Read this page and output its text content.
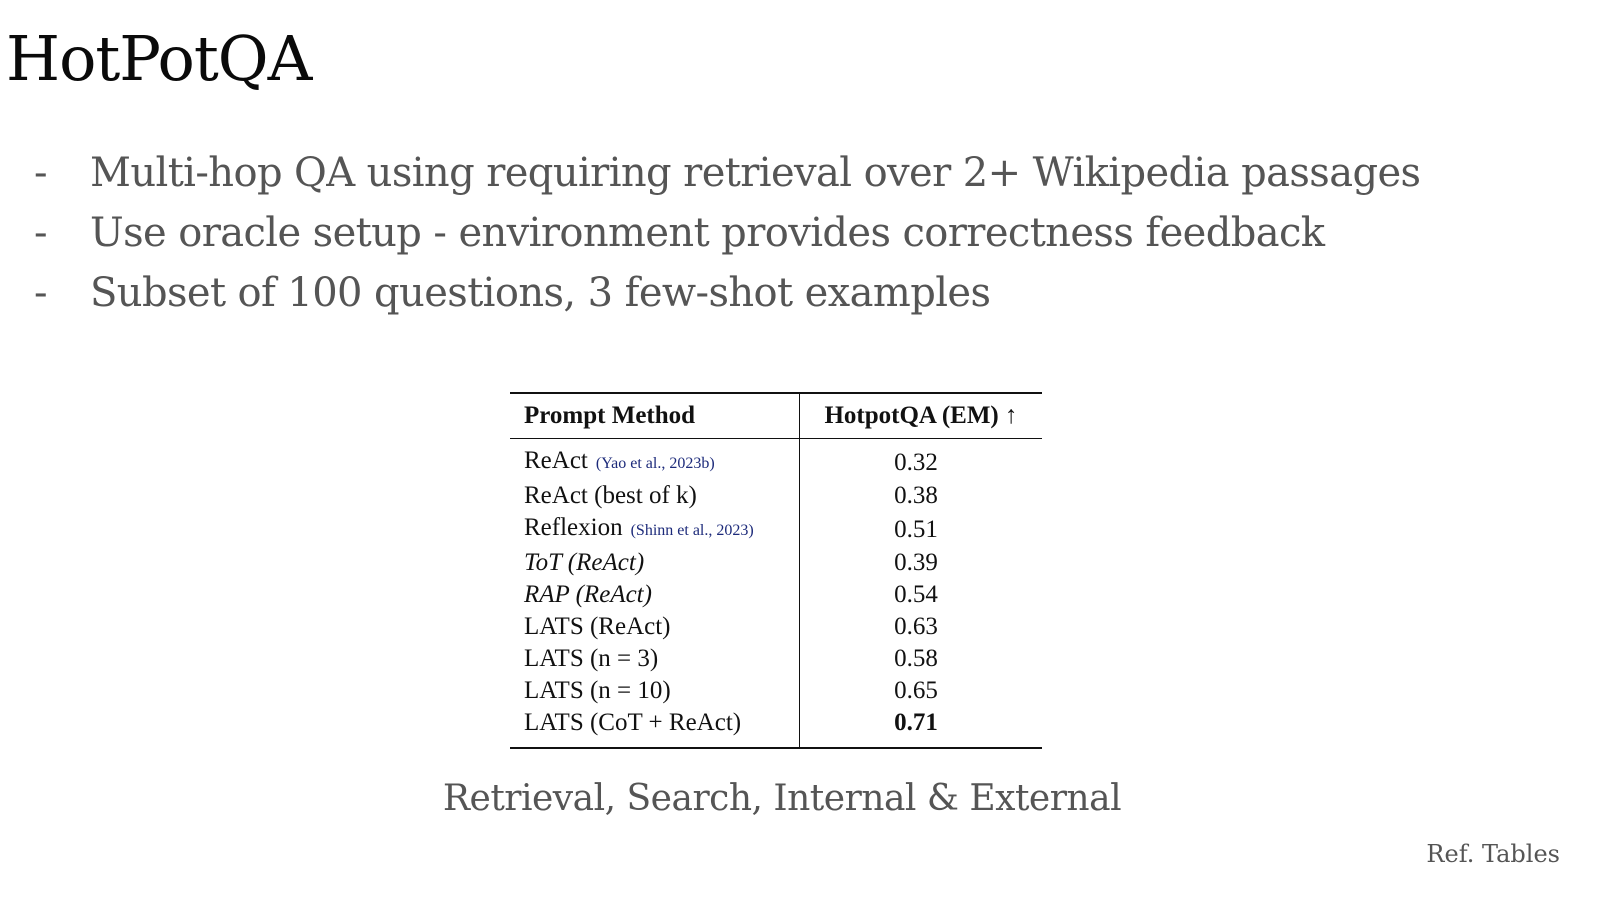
HotPotQA
-	Multi-hop QA using requiring retrieval over 2+ Wikipedia passages
-	Use oracle setup - environment provides correctness feedback
-	Subset of 100 questions, 3 few-shot examples
Prompt Method	HotpotQA (EM) ↑
ReAct (Yao et al., 2023b)	0.32
ReAct (best of k)	0.38
Reflexion (Shinn et al., 2023)	0.51
ToT (ReAct)	0.39
RAP (ReAct)	0.54
LATS (ReAct)	0.63
LATS (n = 3)	0.58
LATS (n = 10)	0.65
LATS (CoT + ReAct)	0.71
Retrieval, Search, Internal & External
Ref. Tables
